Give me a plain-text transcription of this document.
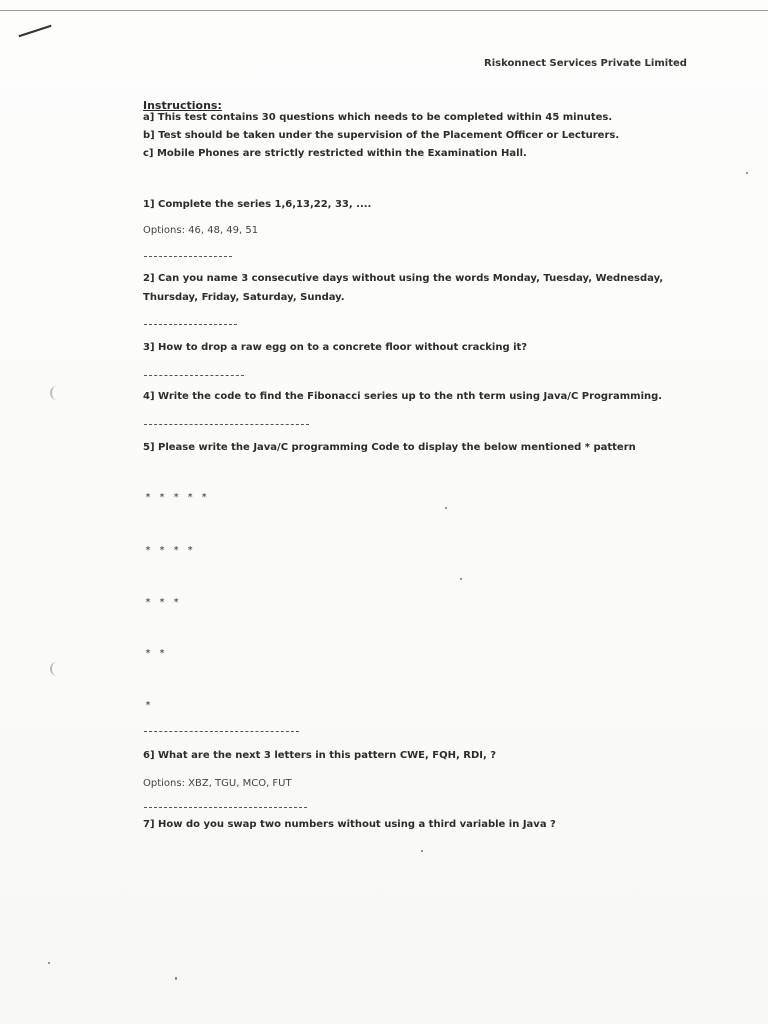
Riskonnect Services Private Limited
Instructions:
a] This test contains 30 questions which needs to be completed within 45 minutes.
b] Test should be taken under the supervision of the Placement Officer or Lecturers.
c] Mobile Phones are strictly restricted within the Examination Hall.
1] Complete the series 1,6,13,22, 33, ....
Options: 46, 48, 49, 51
2] Can you name 3 consecutive days without using the words Monday, Tuesday, Wednesday,
Thursday, Friday, Saturday, Sunday.
3] How to drop a raw egg on to a concrete floor without cracking it?
4] Write the code to find the Fibonacci series up to the nth term using Java/C Programming.
5] Please write the Java/C programming Code to display the below mentioned * pattern
* * * * *
* * * *
* * *
* *
*
6] What are the next 3 letters in this pattern CWE, FQH, RDI, ?
Options: XBZ, TGU, MCO, FUT
7] How do you swap two numbers without using a third variable in Java ?
